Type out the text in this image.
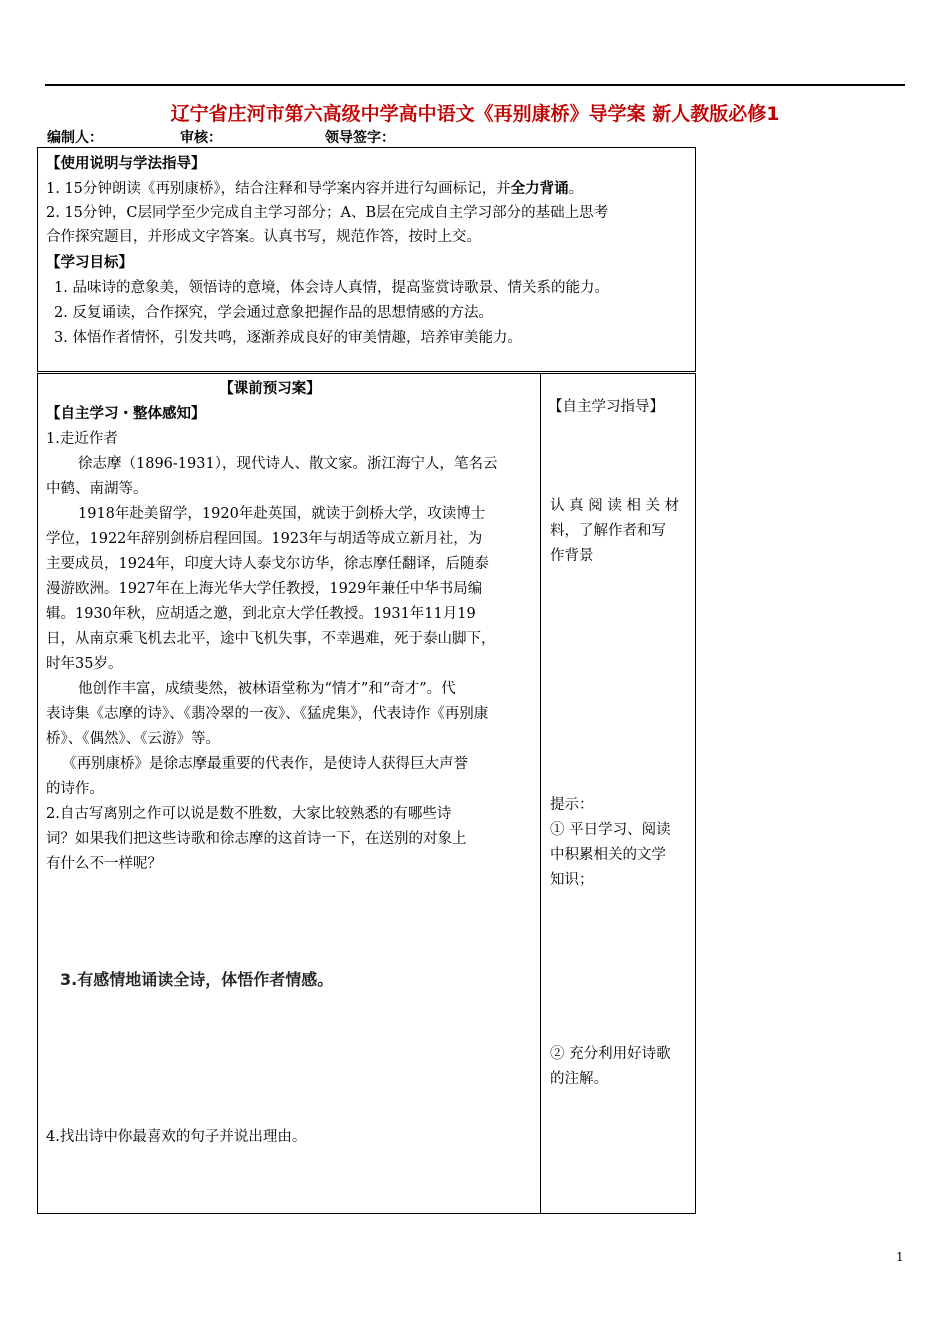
辽宁省庄河市第六高级中学高中语文《再别康桥》导学案 新人教版必修1
编制人：	审核：	领导签字：
【使用说明与学法指导】
1. 15分钟朗读《再别康桥》，结合注释和导学案内容并进行勾画标记，并全力背诵。
2. 15分钟，C层同学至少完成自主学习部分；A、B层在完成自主学习部分的基础上思考
合作探究题目，并形成文字答案。认真书写，规范作答，按时上交。
【学习目标】
1. 品味诗的意象美，领悟诗的意境，体会诗人真情，提高鉴赏诗歌景、情关系的能力。
2. 反复诵读，合作探究，学会通过意象把握作品的思想情感的方法。
3. 体悟作者情怀，引发共鸣，逐渐养成良好的审美情趣，培养审美能力。
【课前预习案】
【自主学习・整体感知】
1.走近作者
徐志摩（1896-1931），现代诗人、散文家。浙江海宁人，笔名云
中鹤、南湖等。
1918年赴美留学，1920年赴英国，就读于剑桥大学，攻读博士
学位，1922年辞别剑桥启程回国。1923年与胡适等成立新月社，为
主要成员，1924年，印度大诗人泰戈尔访华，徐志摩任翻译，后随泰
漫游欧洲。1927年在上海光华大学任教授，1929年兼任中华书局编
辑。1930年秋，应胡适之邀，到北京大学任教授。1931年11月19
日，从南京乘飞机去北平，途中飞机失事，不幸遇难，死于泰山脚下，
时年35岁。
他创作丰富，成绩斐然，被林语堂称为“情才”和“奇才”。代
表诗集《志摩的诗》、《翡冷翠的一夜》、《猛虎集》，代表诗作《再别康
桥》、《偶然》、《云游》等。
《再别康桥》是徐志摩最重要的代表作，是使诗人获得巨大声誉
的诗作。
2.自古写离别之作可以说是数不胜数，大家比较熟悉的有哪些诗
词？如果我们把这些诗歌和徐志摩的这首诗一下，在送别的对象上
有什么不一样呢？
3.有感情地诵读全诗，体悟作者情感。
4.找出诗中你最喜欢的句子并说出理由。
【自主学习指导】
认 真 阅 读 相 关 材
料，了解作者和写
作背景
提示：
① 平日学习、阅读
中积累相关的文学
知识；
② 充分利用好诗歌
的注解。
1
